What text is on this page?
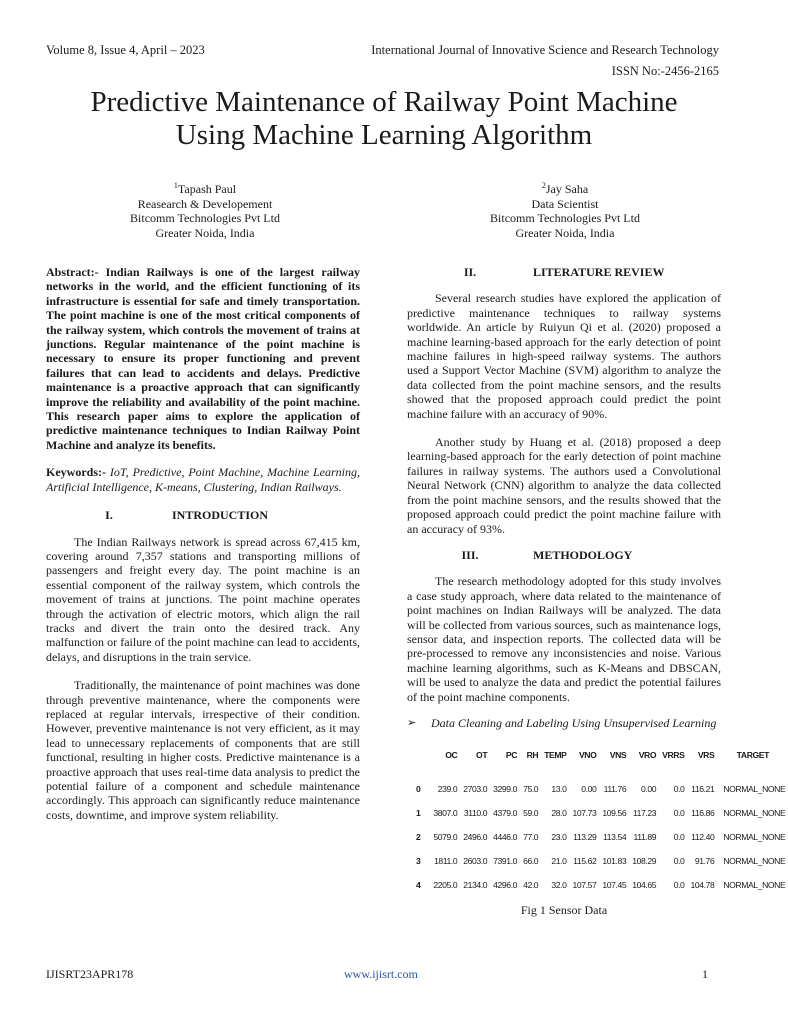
Volume 8, Issue 4, April – 2023	International Journal of Innovative Science and Research Technology
ISSN No:-2456-2165
Predictive Maintenance of Railway Point Machine
Using Machine Learning Algorithm
$^1$Tapash Paul
Reasearch & Developement
Bitcomm Technologies Pvt Ltd
Greater Noida, India
$^2$Jay Saha
Data Scientist
Bitcomm Technologies Pvt Ltd
Greater Noida, India

Abstract:- Indian Railways is one of the largest railway networks in the world, and the efficient functioning of its infrastructure is essential for safe and timely transportation. The point machine is one of the most critical components of the railway system, which controls the movement of trains at junctions. Regular maintenance of the point machine is necessary to ensure its proper functioning and prevent failures that can lead to accidents and delays. Predictive maintenance is a proactive approach that can significantly improve the reliability and availability of the point machine. This research paper aims to explore the application of predictive maintenance techniques to Indian Railway Point Machine and analyze its benefits.

Keywords:- IoT, Predictive, Point Machine, Machine Learning, Artificial Intelligence, K-means, Clustering, Indian Railways.

I.	INTRODUCTION

The Indian Railways network is spread across 67,415 km, covering around 7,357 stations and transporting millions of passengers and freight every day. The point machine is an essential component of the railway system, which controls the movement of trains at junctions. The point machine operates through the activation of electric motors, which align the rail tracks and divert the train onto the desired track. Any malfunction or failure of the point machine can lead to accidents, delays, and disruptions in the train service.

Traditionally, the maintenance of point machines was done through preventive maintenance, where the components were replaced at regular intervals, irrespective of their condition. However, preventive maintenance is not very efficient, as it may lead to unnecessary replacements of components that are still functional, resulting in higher costs. Predictive maintenance is a proactive approach that uses real-time data analysis to predict the potential failure of a component and schedule maintenance accordingly. This approach can significantly reduce maintenance costs, downtime, and improve system reliability.

II.	LITERATURE REVIEW

Several research studies have explored the application of predictive maintenance techniques to railway systems worldwide. An article by Ruiyun Qi et al. (2020) proposed a machine learning-based approach for the early detection of point machine failures in high-speed railway systems. The authors used a Support Vector Machine (SVM) algorithm to analyze the data collected from the point machine sensors, and the results showed that the proposed approach could predict the point machine failure with an accuracy of 90%.

Another study by Huang et al. (2018) proposed a deep learning-based approach for the early detection of point machine failures in railway systems. The authors used a Convolutional Neural Network (CNN) algorithm to analyze the data collected from the point machine sensors, and the results showed that the proposed approach could predict the point machine failure with an accuracy of 93%.

III.	METHODOLOGY

The research methodology adopted for this study involves a case study approach, where data related to the maintenance of point machines on Indian Railways will be analyzed. The data will be collected from various sources, such as maintenance logs, sensor data, and inspection reports. The collected data will be pre-processed to remove any inconsistencies and noise. Various machine learning algorithms, such as K-Means and DBSCAN, will be used to analyze the data and predict the potential failures of the point machine components.

➢	Data Cleaning and Labeling Using Unsupervised Learning
	OC	OT	PC	RH	TEMP	VNO	VNS	VRO	VRRS	VRS	TARGET
0	239.0	2703.0	3299.0	75.0	13.0	0.00	111.76	0.00	0.0	116.21	NORMAL_NONE
1	3807.0	3110.0	4379.0	59.0	28.0	107.73	109.56	117.23	0.0	116.86	NORMAL_NONE
2	5079.0	2496.0	4446.0	77.0	23.0	113.29	113.54	111.89	0.0	112.40	NORMAL_NONE
3	1811.0	2603.0	7391.0	66.0	21.0	115.62	101.83	108.29	0.0	91.76	NORMAL_NONE
4	2205.0	2134.0	4296.0	42.0	32.0	107.57	107.45	104.65	0.0	104.78	NORMAL_NONE
Fig 1 Sensor Data
IJISRT23APR178	www.ijisrt.com	1
